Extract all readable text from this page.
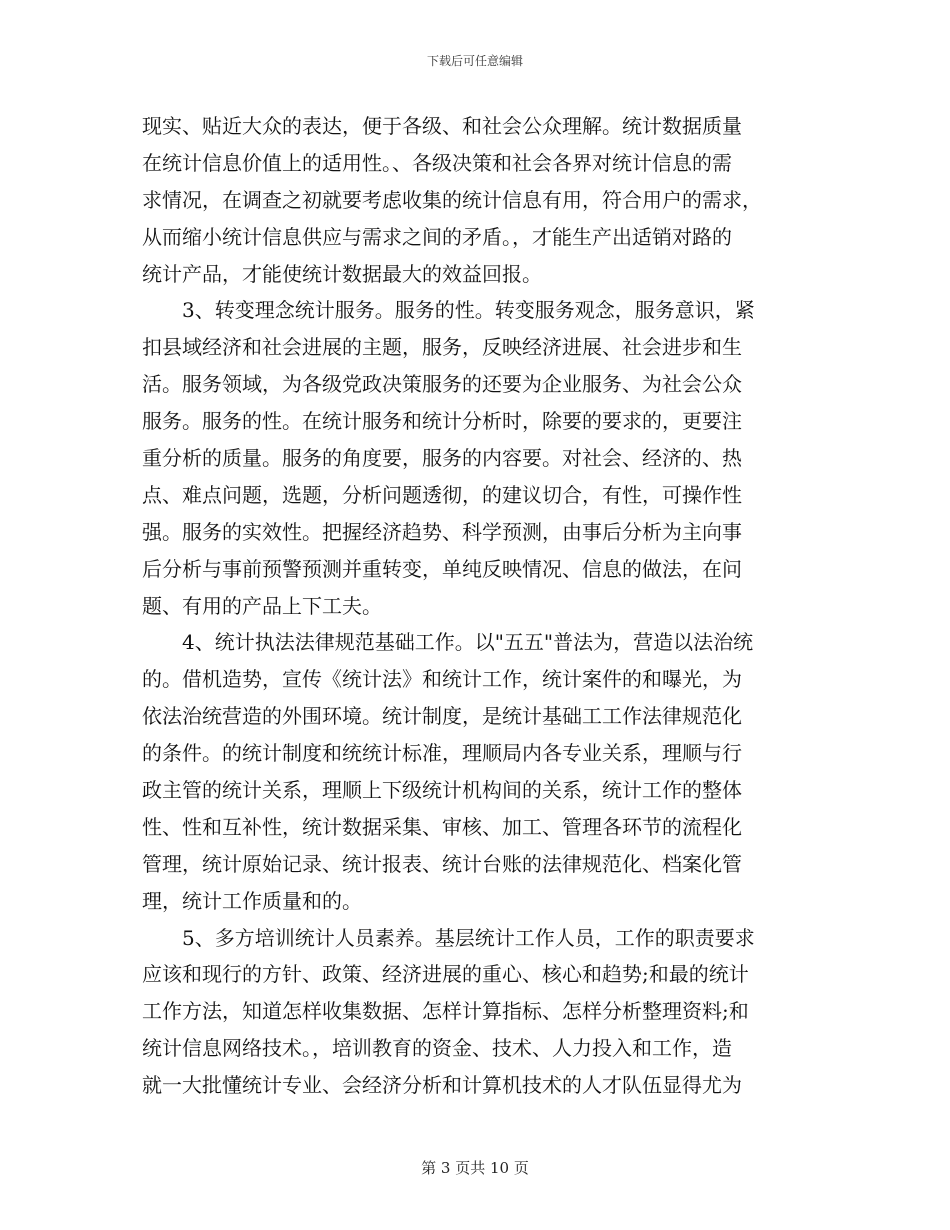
下载后可任意编辑
现实、贴近大众的表达，便于各级、和社会公众理解。统计数据质量
在统计信息价值上的适用性。、各级决策和社会各界对统计信息的需
求情况，在调查之初就要考虑收集的统计信息有用，符合用户的需求，
从而缩小统计信息供应与需求之间的矛盾。，才能生产出适销对路的
统计产品，才能使统计数据最大的效益回报。
　　3、转变理念统计服务。服务的性。转变服务观念，服务意识，紧
扣县域经济和社会进展的主题，服务，反映经济进展、社会进步和生
活。服务领域，为各级党政决策服务的还要为企业服务、为社会公众
服务。服务的性。在统计服务和统计分析时，除要的要求的，更要注
重分析的质量。服务的角度要，服务的内容要。对社会、经济的、热
点、难点问题，选题，分析问题透彻，的建议切合，有性，可操作性
强。服务的实效性。把握经济趋势、科学预测，由事后分析为主向事
后分析与事前预警预测并重转变，单纯反映情况、信息的做法，在问
题、有用的产品上下工夫。
　　4、统计执法法律规范基础工作。以"五五"普法为，营造以法治统
的。借机造势，宣传《统计法》和统计工作，统计案件的和曝光，为
依法治统营造的外围环境。统计制度，是统计基础工工作法律规范化
的条件。的统计制度和统统计标准，理顺局内各专业关系，理顺与行
政主管的统计关系，理顺上下级统计机构间的关系，统计工作的整体
性、性和互补性，统计数据采集、审核、加工、管理各环节的流程化
管理，统计原始记录、统计报表、统计台账的法律规范化、档案化管
理，统计工作质量和的。
　　5、多方培训统计人员素养。基层统计工作人员，工作的职责要求
应该和现行的方针、政策、经济进展的重心、核心和趋势;和最的统计
工作方法，知道怎样收集数据、怎样计算指标、怎样分析整理资料;和
统计信息网络技术。，培训教育的资金、技术、人力投入和工作，造
就一大批懂统计专业、会经济分析和计算机技术的人才队伍显得尤为
第 3 页共 10 页
